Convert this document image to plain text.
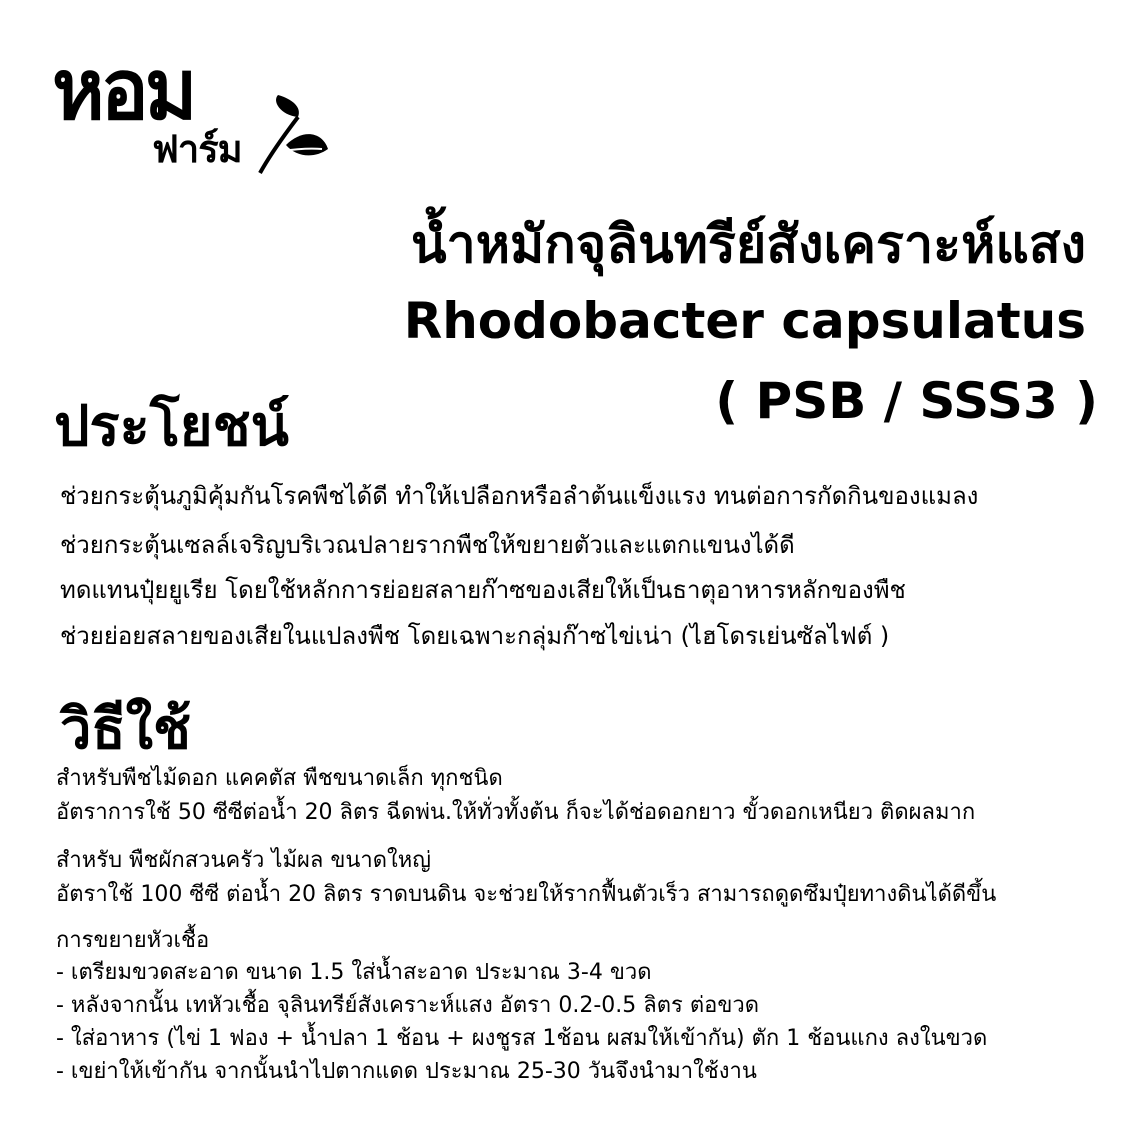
หอม
ฟาร์ม
น้ำหมักจุลินทรีย์สังเคราะห์แสง
Rhodobacter capsulatus
( PSB / SSS3 )
ประโยชน์
ช่วยกระตุ้นภูมิคุ้มกันโรคพืชได้ดี ทำให้เปลือกหรือลำต้นแข็งแรง ทนต่อการกัดกินของแมลง
ช่วยกระตุ้นเซลล์เจริญบริเวณปลายรากพืชให้ขยายตัวและแตกแขนงได้ดี
ทดแทนปุ๋ยยูเรีย โดยใช้หลักการย่อยสลายก๊าซของเสียให้เป็นธาตุอาหารหลักของพืช
ช่วยย่อยสลายของเสียในแปลงพืช โดยเฉพาะกลุ่มก๊าซไข่เน่า (ไฮโดรเย่นซัลไฟต์ )
วิธีใช้
สำหรับพืชไม้ดอก แคคตัส พืชขนาดเล็ก ทุกชนิด
อัตราการใช้ 50 ซีซีต่อน้ำ 20 ลิตร ฉีดพ่น.ให้ทั่วทั้งต้น ก็จะได้ช่อดอกยาว ขั้วดอกเหนียว ติดผลมาก
สำหรับ พืชผักสวนครัว ไม้ผล ขนาดใหญ่
อัตราใช้ 100 ซีซี ต่อน้ำ 20 ลิตร ราดบนดิน จะช่วยให้รากฟื้นตัวเร็ว สามารถดูดซึมปุ๋ยทางดินได้ดีขึ้น
การขยายหัวเชื้อ
- เตรียมขวดสะอาด ขนาด 1.5 ใส่น้ำสะอาด ประมาณ 3-4 ขวด
- หลังจากนั้น เทหัวเชื้อ จุลินทรีย์สังเคราะห์แสง อัตรา 0.2-0.5 ลิตร ต่อขวด
- ใส่อาหาร (ไข่ 1 ฟอง + น้ำปลา 1 ช้อน + ผงชูรส 1ช้อน ผสมให้เข้ากัน) ตัก 1 ช้อนแกง ลงในขวด
- เขย่าให้เข้ากัน จากนั้นนำไปตากแดด ประมาณ 25-30 วันจึงนำมาใช้งาน
